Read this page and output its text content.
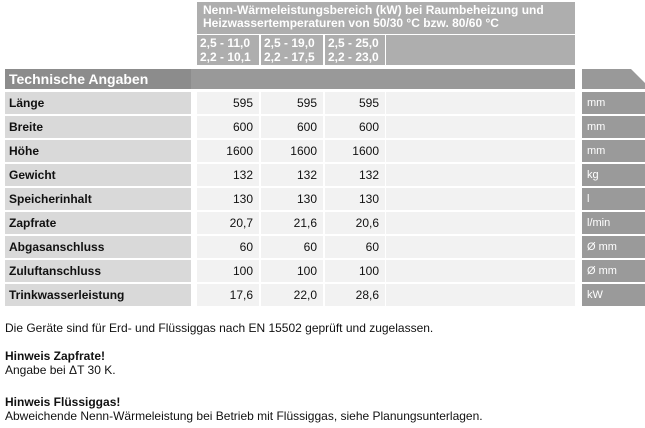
Nenn-Wärmeleistungsbereich (kW) bei Raumbeheizung und
Heizwassertemperaturen von 50/30 °C bzw. 80/60 °C
2,5 - 11,0
2,2 - 10,1
2,5 - 19,0
2,2 - 17,5
2,5 - 25,0
2,2 - 23,0
Technische Angaben
Länge	595	595	595	mm
Breite	600	600	600	mm
Höhe	1600	1600	1600	mm
Gewicht	132	132	132	kg
Speicherinhalt	130	130	130	l
Zapfrate	20,7	21,6	20,6	l/min
Abgasanschluss	60	60	60	Ø mm
Zuluftanschluss	100	100	100	Ø mm
Trinkwasserleistung	17,6	22,0	28,6	kW
Die Geräte sind für Erd- und Flüssiggas nach EN 15502 geprüft und zugelassen.
Hinweis Zapfrate!
Angabe bei ΔT 30 K.
Hinweis Flüssiggas!
Abweichende Nenn-Wärmeleistung bei Betrieb mit Flüssiggas, siehe Planungsunterlagen.
